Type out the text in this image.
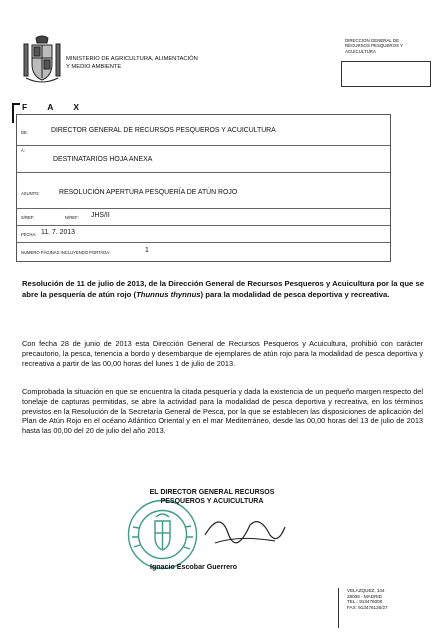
MINISTERIO DE AGRICULTURA, ALIMENTACIÓN
Y MEDIO AMBIENTE
DIRECCION GENERAL DE
RECURSOS PESQUEROS Y
ACUICULTURA
F A X
DE:	DIRECTOR GENERAL DE RECURSOS PESQUEROS Y ACUICULTURA
A:
DESTINATARIOS HOJA ANEXA
ASUNTO:	RESOLUCIÓN APERTURA PESQUERÍA DE ATÚN ROJO
S/REF:	N/REF: JHS/II
FECHA: 11. 7. 2013
NUMERO PÁGINAS INCLUYENDO PORTADA:	1
Resolución de 11 de julio de 2013, de la Dirección General de Recursos Pesqueros y Acuicultura por la que se abre la pesquería de atún rojo (Thunnus thynnus) para la modalidad de pesca deportiva y recreativa.
Con fecha 28 de junio de 2013 esta Dirección General de Recursos Pesqueros y Acuicultura, prohibió con carácter precautorio, la pesca, tenencia a bordo y desembarque de ejemplares de atún rojo para la modalidad de pesca deportiva y recreativa a partir de las 00,00 horas del lunes 1 de julio de 2013.
Comprobada la situación en que se encuentra la citada pesquería y dada la existencia de un pequeño margen respecto del tonelaje de capturas permitidas, se abre la actividad para la modalidad de pesca deportiva y recreativa, en los términos previstos en la Resolución de la Secretaría General de Pesca, por la que se establecen las disposiciones de aplicación del Plan de Atún Rojo en el océano Atlántico Oriental y en el mar Mediterráneo, desde las 00,00 horas del 13 de julio de 2013 hasta las 00,00 del 20 de julio del año 2013.
EL DIRECTOR GENERAL RECURSOS
PESQUEROS Y ACUICULTURA
Ignacio Escobar Guerrero
VELAZQUEZ, 144
28006 - MADRID
TEL.: 913476000
FAX: 913476126/27
